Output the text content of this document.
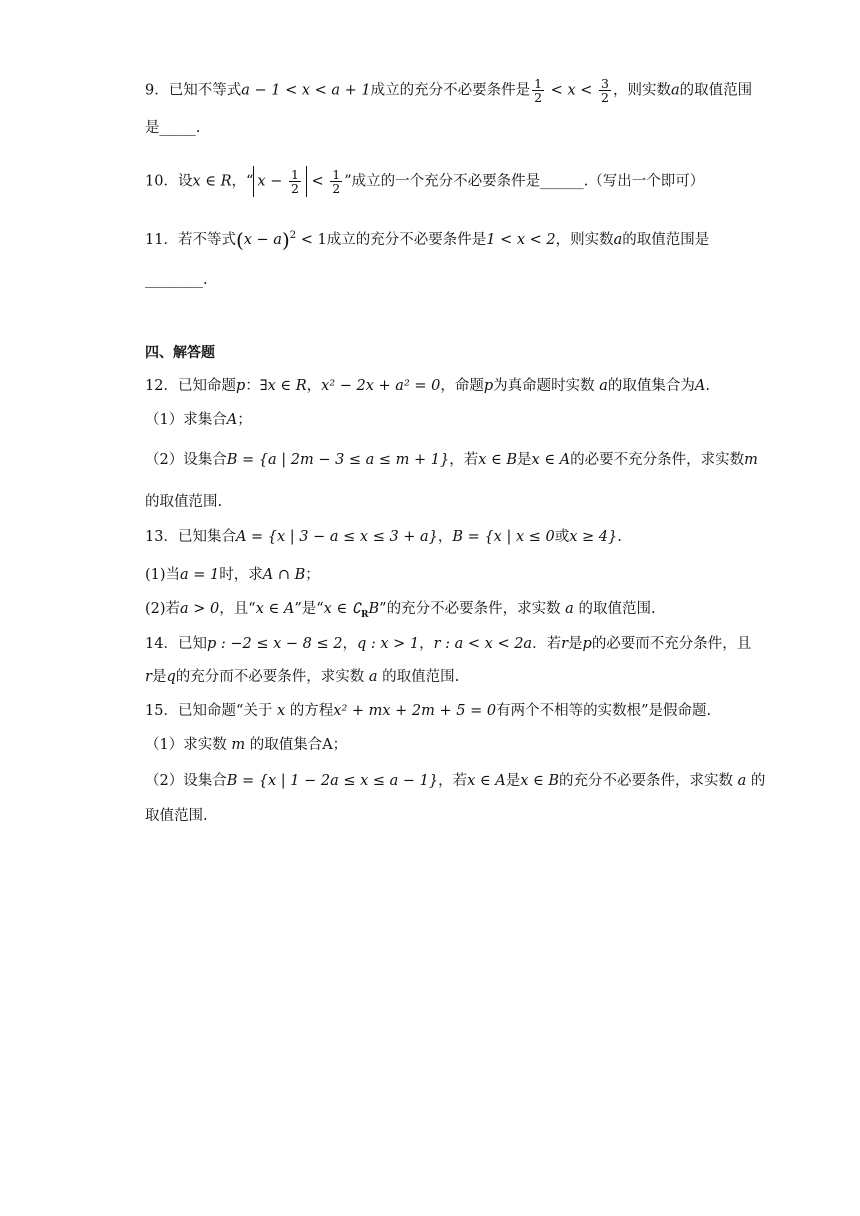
9．已知不等式a − 1 < x < a + 1成立的充分不必要条件是 $\frac{1}{2} < x < \frac{3}{2}$ ，则实数a的取值范围
是_____.
10．设x ∈ R，“ $x - \frac{1}{2} < \frac{1}{2}$ ”成立的一个充分不必要条件是______.（写出一个即可）
11．若不等式$(x - a)^2 < 1$成立的充分不必要条件是1 < x < 2，则实数a的取值范围是
________.
四、解答题
12．已知命题p：∃x ∈ R，x² − 2x + a² = 0，命题p为真命题时实数 a的取值集合为A.
（1）求集合A；
（2）设集合B = {a | 2m − 3 ≤ a ≤ m + 1}，若x ∈ B是x ∈ A的必要不充分条件，求实数m
的取值范围.
13．已知集合A = {x | 3 − a ≤ x ≤ 3 + a}，B = {x | x ≤ 0或x ≥ 4}.
(1)当a = 1时，求A ∩ B；
(2)若a > 0，且“x ∈ A”是“x ∈ $∁_RB$”的充分不必要条件，求实数 a 的取值范围.
14．已知p : −2 ≤ x − 8 ≤ 2，q : x > 1，r : a < x < 2a．若r是p的必要而不充分条件，且
r是q的充分而不必要条件，求实数 a 的取值范围.
15．已知命题“关于 x 的方程x² + mx + 2m + 5 = 0有两个不相等的实数根”是假命题.
（1）求实数 m 的取值集合A；
（2）设集合B = {x | 1 − 2a ≤ x ≤ a − 1}，若x ∈ A是x ∈ B的充分不必要条件，求实数 a 的
取值范围.
